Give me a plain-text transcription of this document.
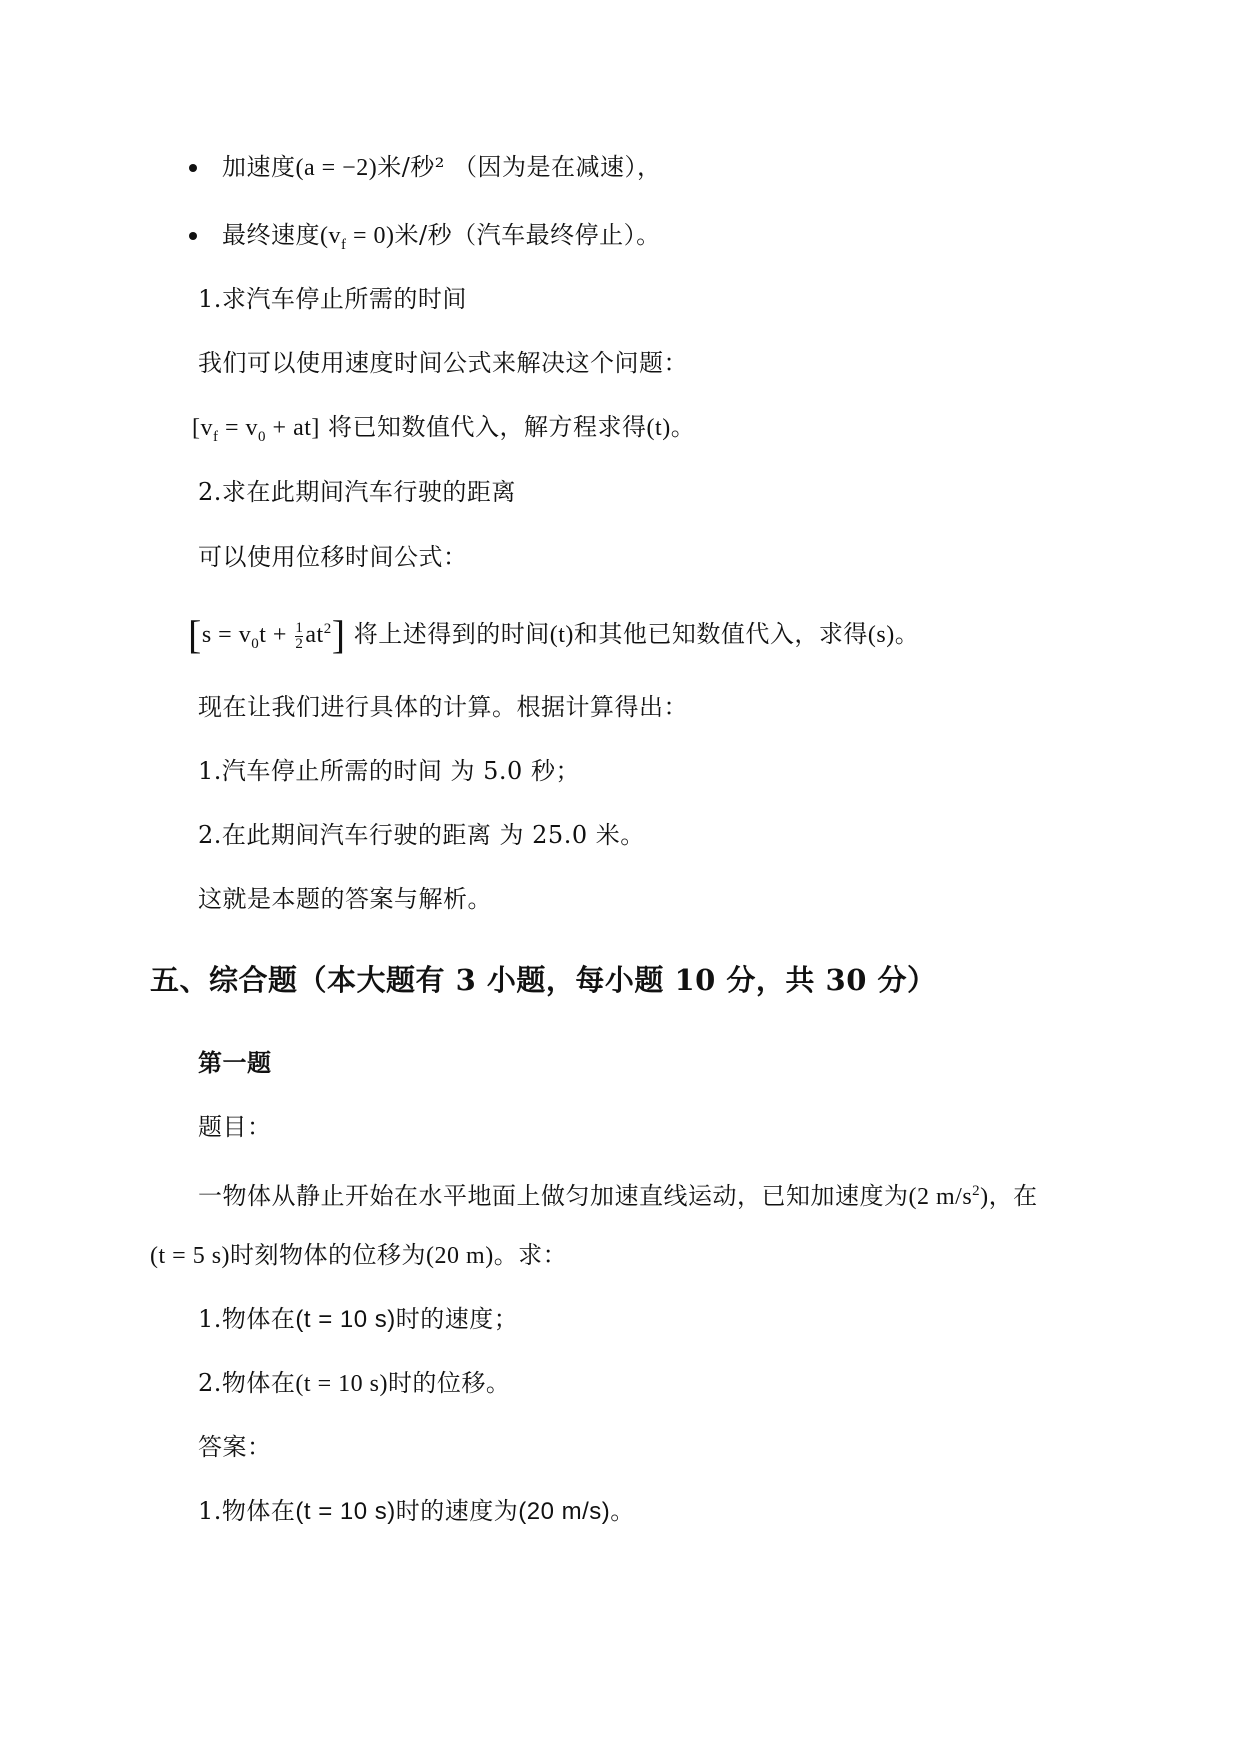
加速度(a = −2)米/秒² （因为是在减速），
最终速度$(v_f = 0)$米/秒（汽车最终停止）。
1.求汽车停止所需的时间
我们可以使用速度时间公式来解决这个问题：
$[v_f = v_0 + at]$ 将已知数值代入，解方程求得(t)。
2.求在此期间汽车行驶的距离
可以使用位移时间公式：
$[s = v_0t + \frac{1}{2} at^2]$ 将上述得到的时间(t)和其他已知数值代入，求得(s)。
现在让我们进行具体的计算。根据计算得出：
1.汽车停止所需的时间 为 5.0 秒；
2.在此期间汽车行驶的距离 为 25.0 米。
这就是本题的答案与解析。
五、综合题（本大题有 3 小题，每小题 10 分，共 30 分）
第一题
题目：
一物体从静止开始在水平地面上做匀加速直线运动，已知加速度为(2 $m/s^2$)，在
(t = 5 s)时刻物体的位移为(20 m)。求：
1.物体在(t = 10 s)时的速度；
2.物体在(t = 10 s)时的位移。
答案：
1.物体在(t = 10 s)时的速度为(20 m/s)。
